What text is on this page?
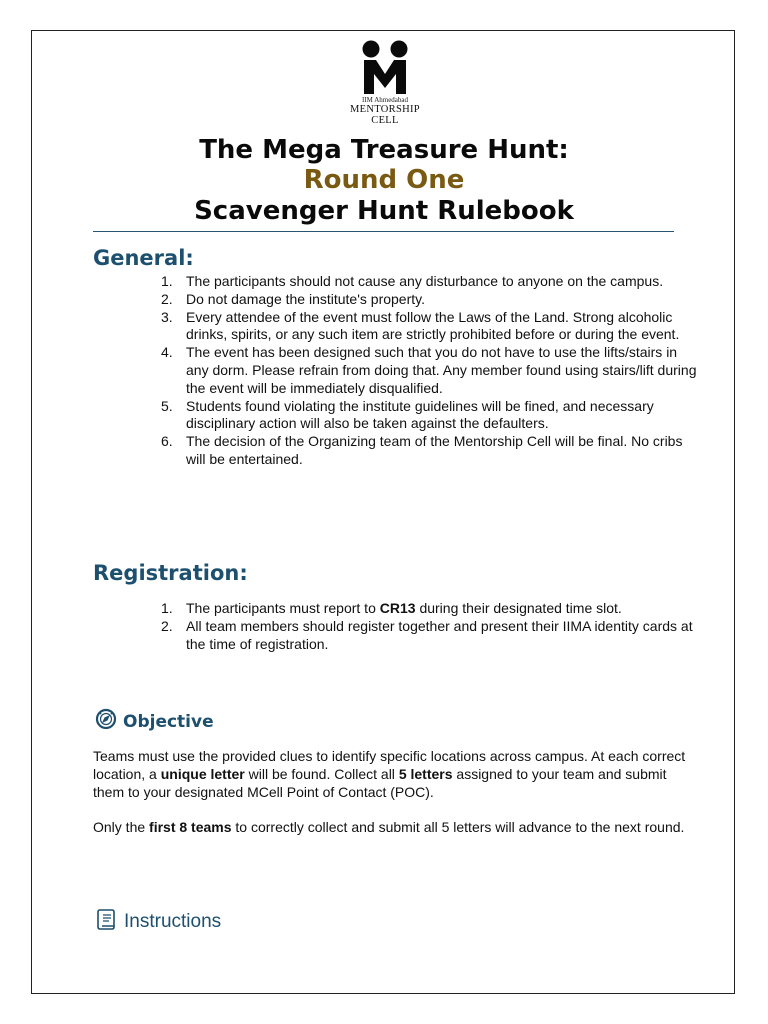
IIM Ahmedabad
MENTORSHIP
CELL
The Mega Treasure Hunt:
Round One
Scavenger Hunt Rulebook
General:
1. The participants should not cause any disturbance to anyone on the campus.
2. Do not damage the institute's property.
3. Every attendee of the event must follow the Laws of the Land. Strong alcoholic drinks, spirits, or any such item are strictly prohibited before or during the event.
4. The event has been designed such that you do not have to use the lifts/stairs in any dorm. Please refrain from doing that. Any member found using stairs/lift during the event will be immediately disqualified.
5. Students found violating the institute guidelines will be fined, and necessary disciplinary action will also be taken against the defaulters.
6. The decision of the Organizing team of the Mentorship Cell will be final. No cribs will be entertained.
Registration:
1. The participants must report to CR13 during their designated time slot.
2. All team members should register together and present their IIMA identity cards at the time of registration.
Objective
Teams must use the provided clues to identify specific locations across campus. At each correct location, a unique letter will be found. Collect all 5 letters assigned to your team and submit them to your designated MCell Point of Contact (POC).
Only the first 8 teams to correctly collect and submit all 5 letters will advance to the next round.
Instructions
